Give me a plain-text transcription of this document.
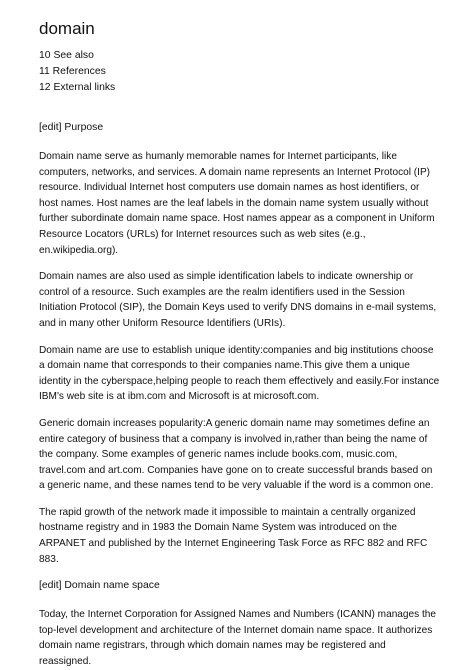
domain
10 See also
11 References
12 External links
[edit] Purpose

Domain name serve as humanly memorable names for Internet participants, like computers, networks, and services. A domain name represents an Internet Protocol (IP) resource. Individual Internet host computers use domain names as host identifiers, or host names. Host names are the leaf labels in the domain name system usually without further subordinate domain name space. Host names appear as a component in Uniform Resource Locators (URLs) for Internet resources such as web sites (e.g., en.wikipedia.org).

Domain names are also used as simple identification labels to indicate ownership or control of a resource. Such examples are the realm identifiers used in the Session Initiation Protocol (SIP), the Domain Keys used to verify DNS domains in e-mail systems, and in many other Uniform Resource Identifiers (URIs).

Domain name are use to establish unique identity:companies and big institutions choose a domain name that corresponds to their companies name.This give them a unique identity in the cyberspace,helping people to reach them effectively and easily.For instance IBM's web site is at ibm.com and Microsoft is at microsoft.com.

Generic domain increases popularity:A generic domain name may sometimes define an entire category of business that a company is involved in,rather than being the name of the company. Some examples of generic names include books.com, music.com, travel.com and art.com. Companies have gone on to create successful brands based on a generic name, and these names tend to be very valuable if the word is a common one.

The rapid growth of the network made it impossible to maintain a centrally organized hostname registry and in 1983 the Domain Name System was introduced on the ARPANET and published by the Internet Engineering Task Force as RFC 882 and RFC 883.

[edit] Domain name space

Today, the Internet Corporation for Assigned Names and Numbers (ICANN) manages the top-level development and architecture of the Internet domain name space. It authorizes domain name registrars, through which domain names may be registered and reassigned.
